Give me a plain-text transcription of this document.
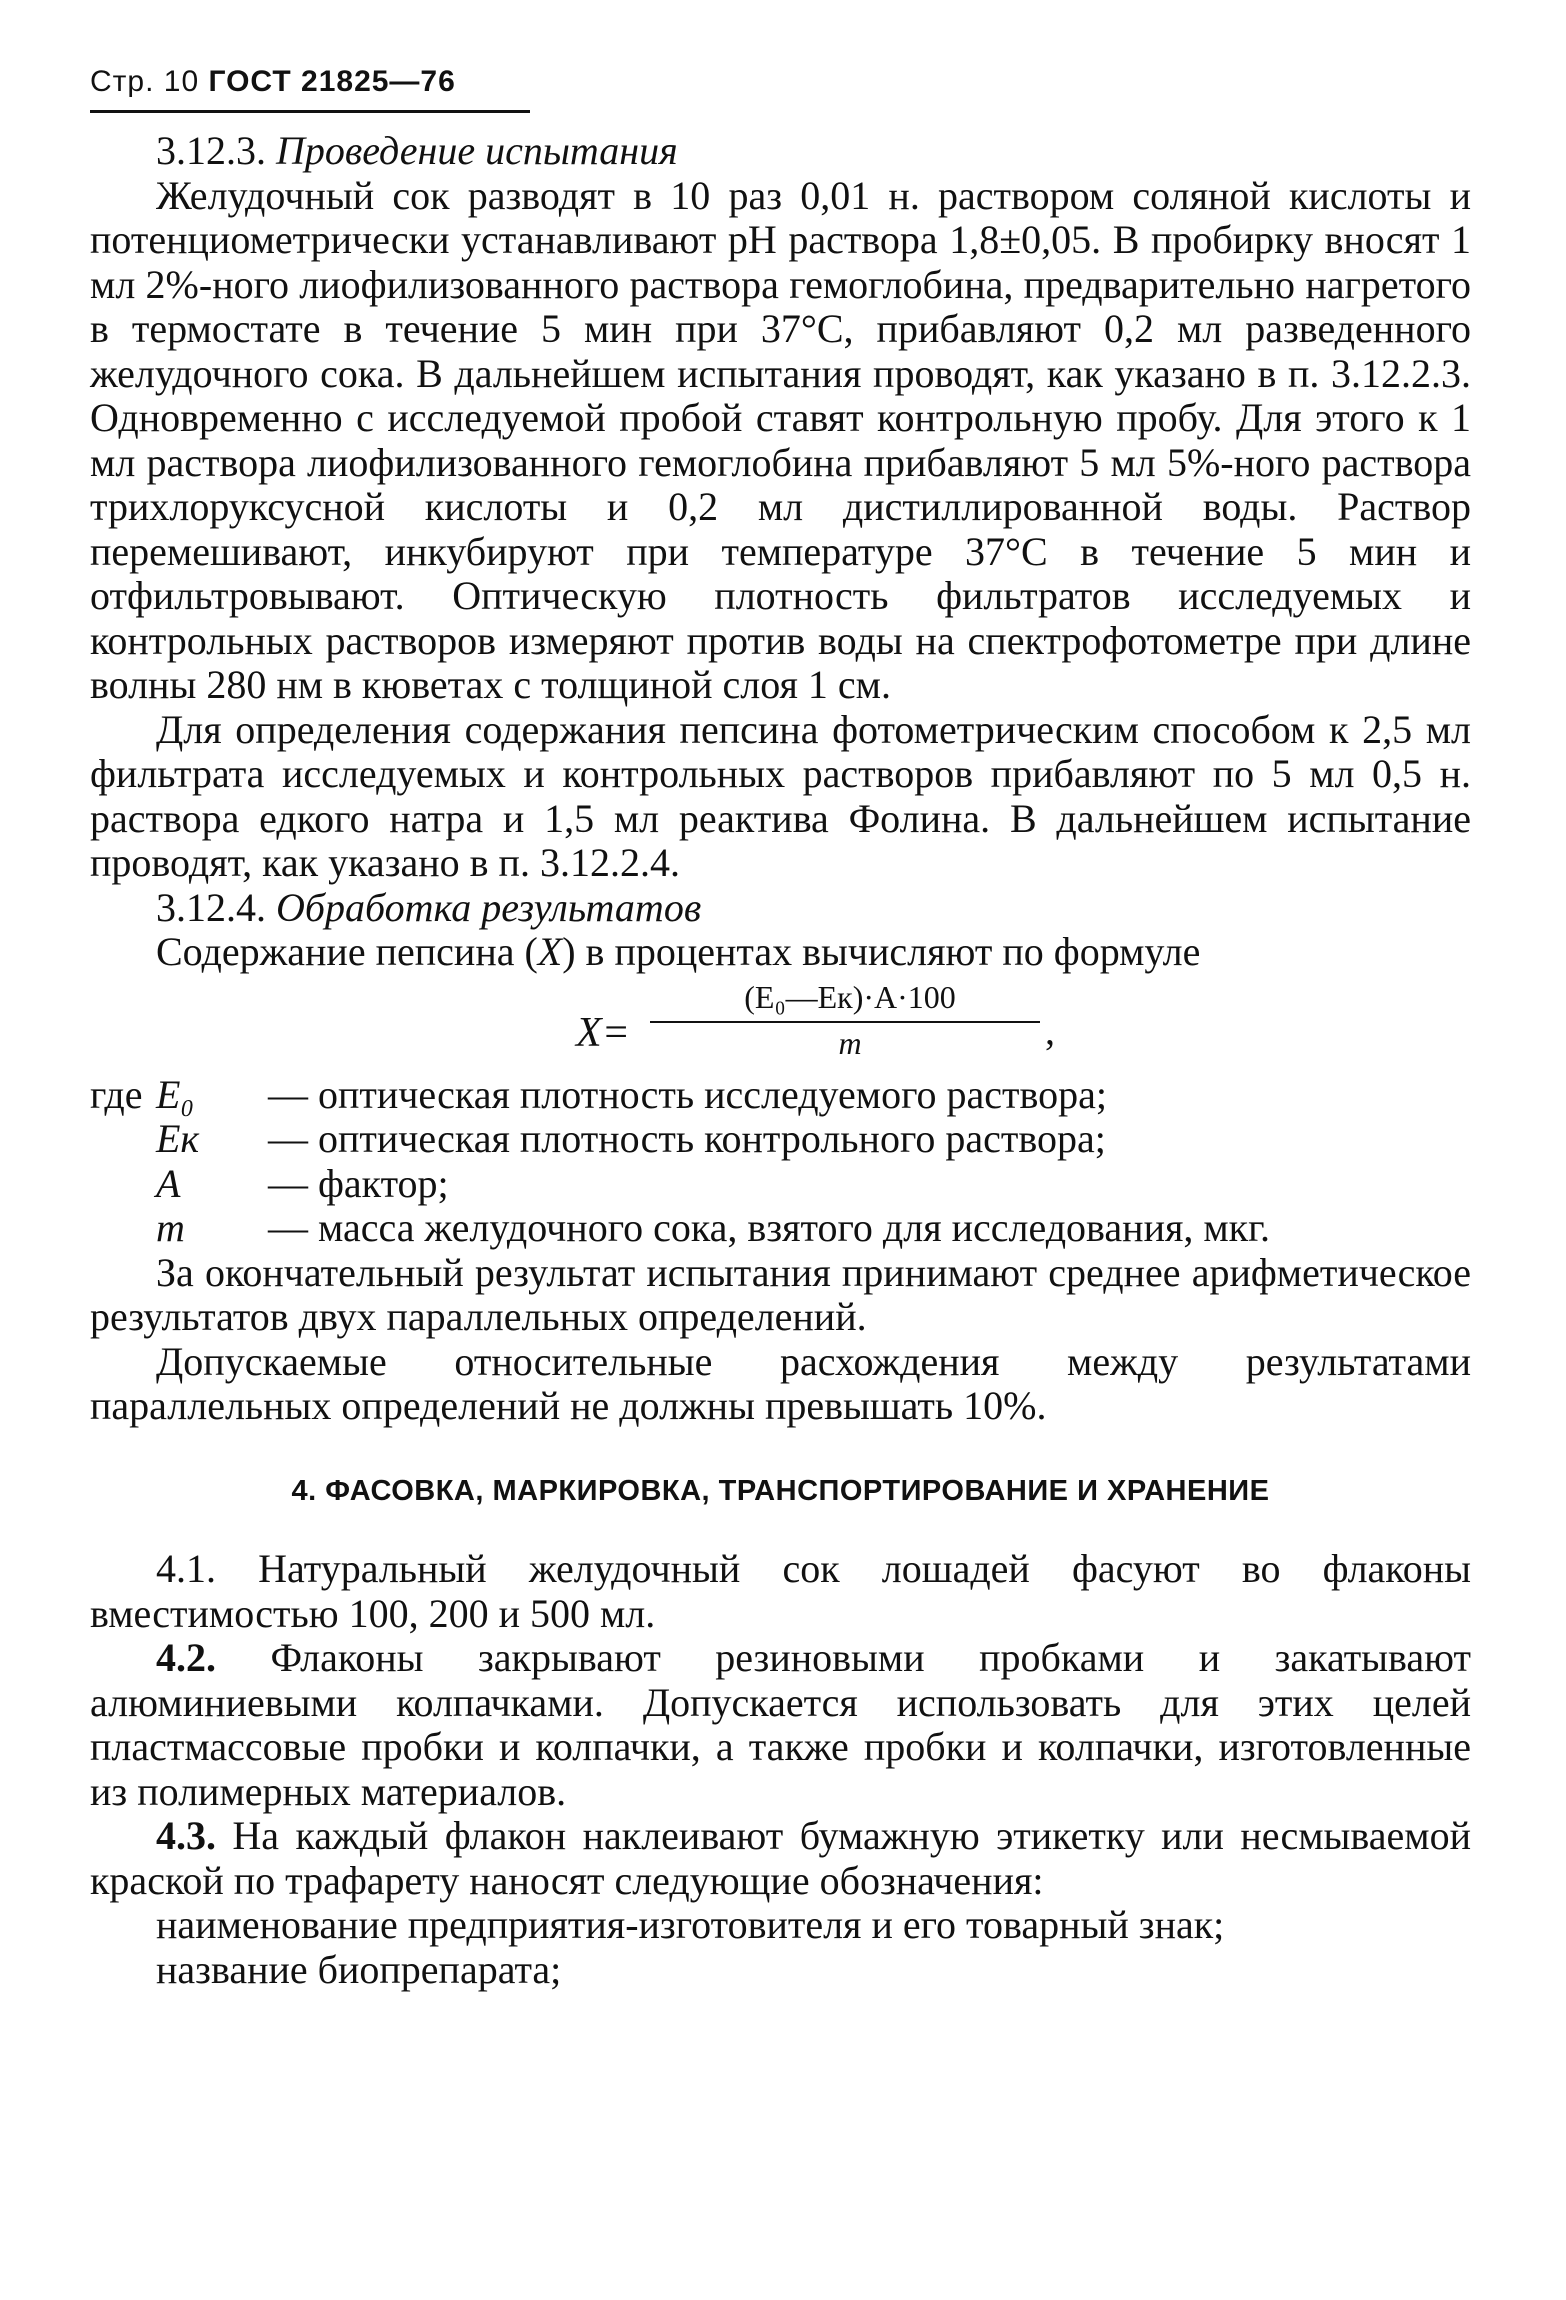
Стр. 10 ГОСТ 21825—76

3.12.3. Проведение испытания

Желудочный сок разводят в 10 раз 0,01 н. раствором соляной кислоты и потенциометрически устанавливают pH раствора 1,8±0,05. В пробирку вносят 1 мл 2%-ного лиофилизованного раствора гемоглобина, предварительно нагретого в термостате в течение 5 мин при 37°С, прибавляют 0,2 мл разведенного желудочного сока. В дальнейшем испытания проводят, как указано в п. 3.12.2.3. Одновременно с исследуемой пробой ставят контрольную пробу. Для этого к 1 мл раствора лиофилизованного гемоглобина прибавляют 5 мл 5%-ного раствора трихлоруксусной кислоты и 0,2 мл дистиллированной воды. Раствор перемешивают, инкубируют при температуре 37°С в течение 5 мин и отфильтровывают. Оптическую плотность фильтратов исследуемых и контрольных растворов измеряют против воды на спектрофотометре при длине волны 280 нм в кюветах с толщиной слоя 1 см.

Для определения содержания пепсина фотометрическим способом к 2,5 мл фильтрата исследуемых и контрольных растворов прибавляют по 5 мл 0,5 н. раствора едкого натра и 1,5 мл реактива Фолина. В дальнейшем испытание проводят, как указано в п. 3.12.2.4.

3.12.4. Обработка результатов

Содержание пепсина (X) в процентах вычисляют по формуле

X=
(E₀—Eк)·A·100
m	,
где E₀	— оптическая плотность исследуемого раствора;
Eк	— оптическая плотность контрольного раствора;
A	— фактор;
m	— масса желудочного сока, взятого для исследования, мкг.

За окончательный результат испытания принимают среднее арифметическое результатов двух параллельных определений.

Допускаемые относительные расхождения между результатами параллельных определений не должны превышать 10%.

4. ФАСОВКА, МАРКИРОВКА, ТРАНСПОРТИРОВАНИЕ И ХРАНЕНИЕ

4.1. Натуральный желудочный сок лошадей фасуют во флаконы вместимостью 100, 200 и 500 мл.

4.2. Флаконы закрывают резиновыми пробками и закатывают алюминиевыми колпачками. Допускается использовать для этих целей пластмассовые пробки и колпачки, а также пробки и колпачки, изготовленные из полимерных материалов.

4.3. На каждый флакон наклеивают бумажную этикетку или несмываемой краской по трафарету наносят следующие обозначения:

наименование предприятия-изготовителя и его товарный знак;

название биопрепарата;
